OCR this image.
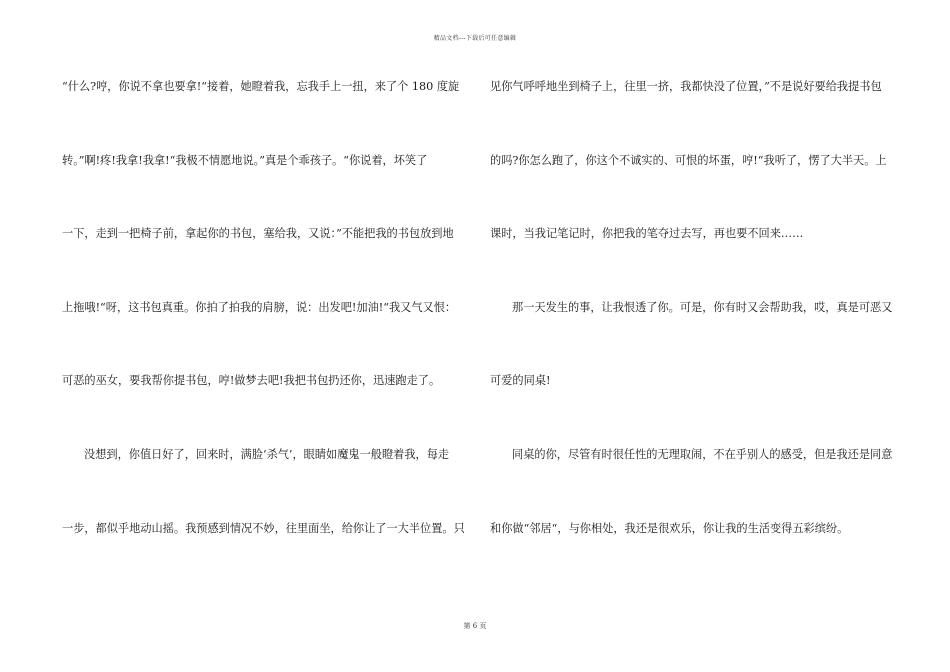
精品文档---下载后可任意编辑
“什么?哼，你说不拿也要拿!“接着，她瞪着我，忘我手上一扭，来了个 180 度旋
转。”啊!疼!我拿!我拿!“我极不情愿地说。”真是个乖孩子。“你说着，坏笑了
一下，走到一把椅子前，拿起你的书包，塞给我，又说：”不能把我的书包放到地
上拖哦!“呀，这书包真重。你拍了拍我的肩膀，说：出发吧!加油!“我又气又恨：
可恶的巫女，要我帮你提书包，哼!做梦去吧!我把书包扔还你，迅速跑走了。
没想到，你值日好了，回来时，满脸‘杀气’，眼睛如魔鬼一般瞪着我，每走
一步，都似乎地动山摇。我预感到情况不妙，往里面坐，给你让了一大半位置。只
见你气呼呼地坐到椅子上，往里一挤，我都快没了位置，”不是说好要给我提书包
的吗?你怎么跑了，你这个不诚实的、可恨的坏蛋，哼!“我听了，愣了大半天。上
课时，当我记笔记时，你把我的笔夺过去写，再也要不回来……
那一天发生的事，让我恨透了你。可是，你有时又会帮助我，哎，真是可恶又
可爱的同桌!
同桌的你，尽管有时很任性的无理取闹，不在乎别人的感受，但是我还是同意
和你做“邻居“，与你相处，我还是很欢乐，你让我的生活变得五彩缤纷。
第 6 页
